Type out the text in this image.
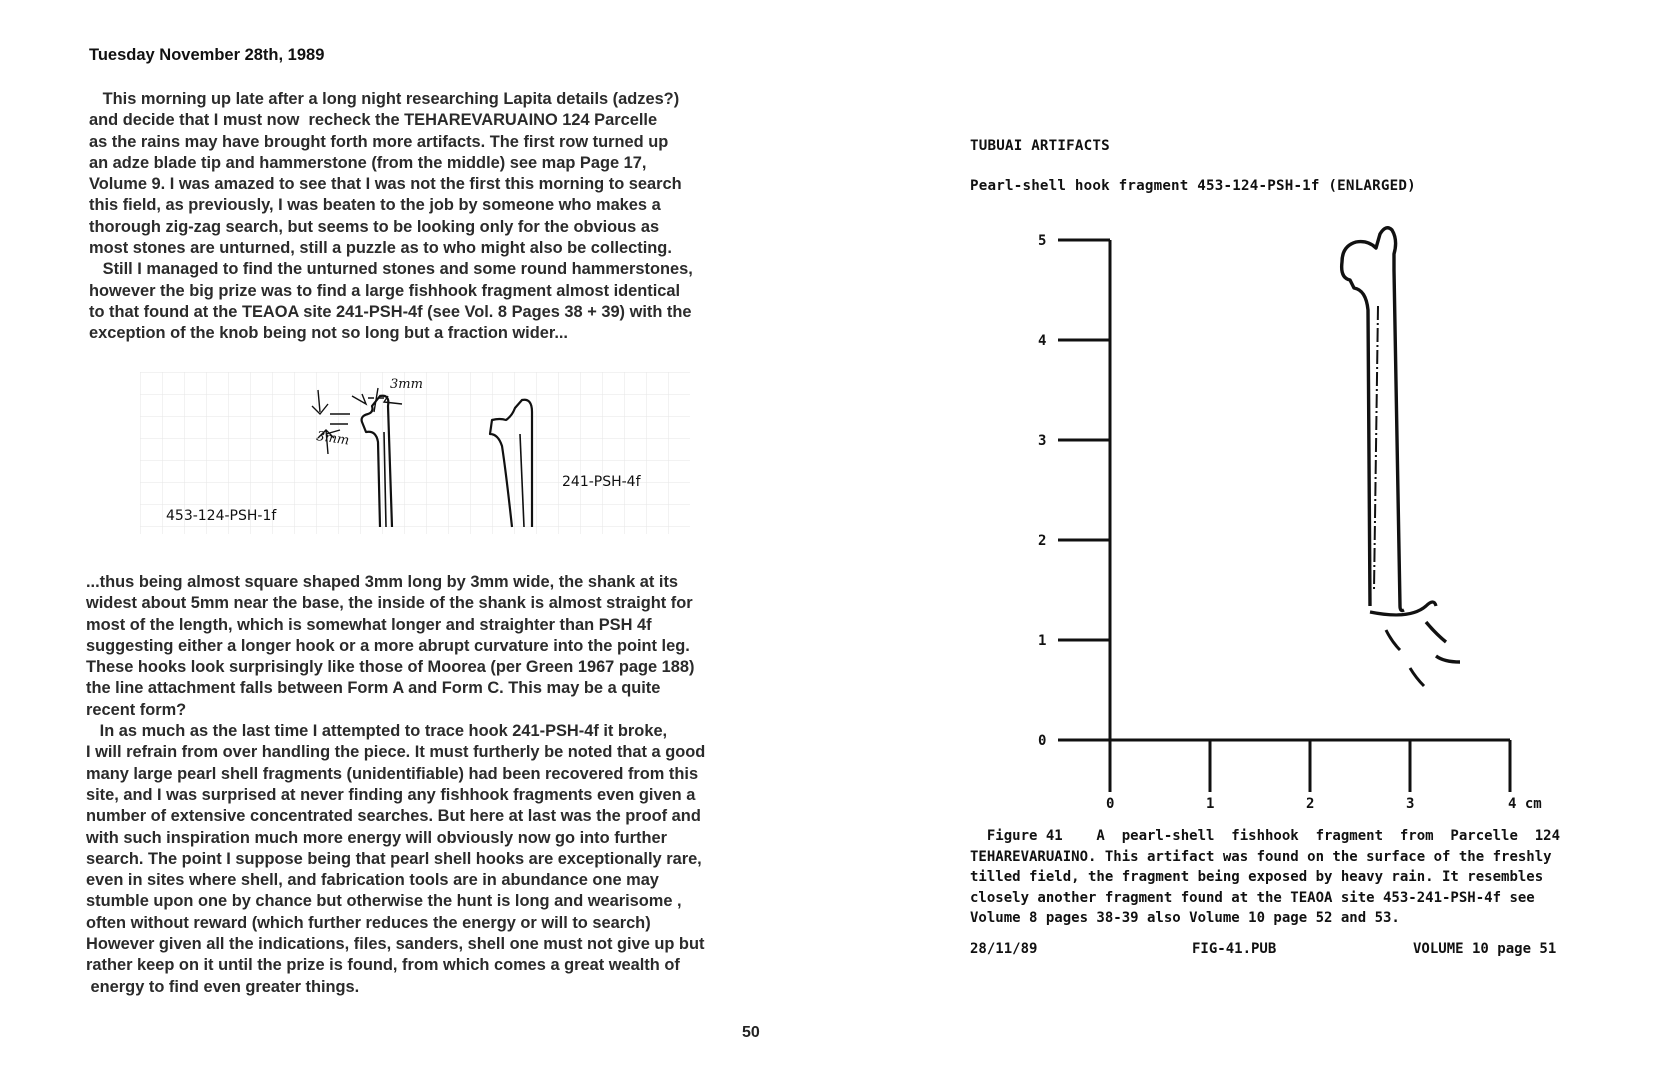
Tuesday November 28th, 1989
This morning up late after a long night researching Lapita details (adzes?)
and decide that I must now  recheck the TEHAREVARUAINO 124 Parcelle
as the rains may have brought forth more artifacts. The first row turned up
an adze blade tip and hammerstone (from the middle) see map Page 17,
Volume 9. I was amazed to see that I was not the first this morning to search
this field, as previously, I was beaten to the job by someone who makes a
thorough zig-zag search, but seems to be looking only for the obvious as
most stones are unturned, still a puzzle as to who might also be collecting.
Still I managed to find the unturned stones and some round hammerstones,
however the big prize was to find a large fishhook fragment almost identical
to that found at the TEAOA site 241-PSH-4f (see Vol. 8 Pages 38 + 39) with the
exception of the knob being not so long but a fraction wider...
3mm
3mm
453-124-PSH-1f
241-PSH-4f
...thus being almost square shaped 3mm long by 3mm wide, the shank at its
widest about 5mm near the base, the inside of the shank is almost straight for
most of the length, which is somewhat longer and straighter than PSH 4f
suggesting either a longer hook or a more abrupt curvature into the point leg.
These hooks look surprisingly like those of Moorea (per Green 1967 page 188)
the line attachment falls between Form A and Form C. This may be a quite
recent form?
In as much as the last time I attempted to trace hook 241-PSH-4f it broke,
I will refrain from over handling the piece. It must furtherly be noted that a good
many large pearl shell fragments (unidentifiable) had been recovered from this
site, and I was surprised at never finding any fishhook fragments even given a
number of extensive concentrated searches. But here at last was the proof and
with such inspiration much more energy will obviously now go into further
search. The point I suppose being that pearl shell hooks are exceptionally rare,
even in sites where shell, and fabrication tools are in abundance one may
stumble upon one by chance but otherwise the hunt is long and wearisome ,
often without reward (which further reduces the energy or will to search)
However given all the indications, files, sanders, shell one must not give up but
rather keep on it until the prize is found, from which comes a great wealth of
energy to find even greater things.
50
TUBUAI ARTIFACTS
Pearl-shell hook fragment 453-124-PSH-1f (ENLARGED)
0
1
2
3
4
5
0	1	2	3	4 cm
Figure 41    A  pearl-shell  fishhook  fragment  from  Parcelle  124
TEHAREVARUAINO. This artifact was found on the surface of the freshly
tilled field, the fragment being exposed by heavy rain. It resembles
closely another fragment found at the TEAOA site 453-241-PSH-4f see
Volume 8 pages 38-39 also Volume 10 page 52 and 53.
28/11/89	FIG-41.PUB	VOLUME 10 page 51
